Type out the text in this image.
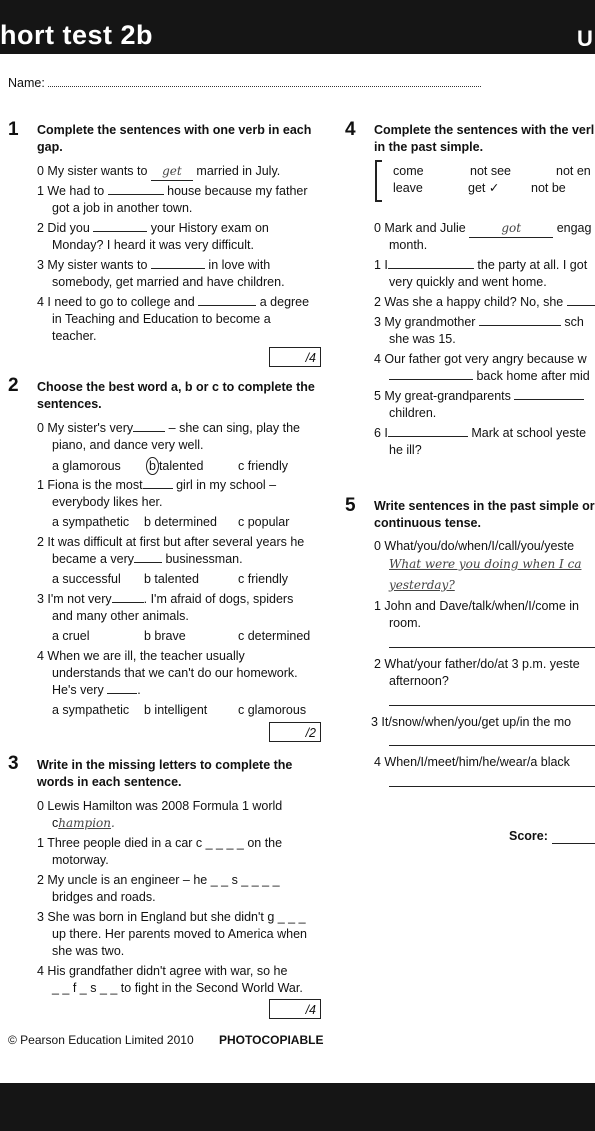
hort test 2b	U
Name:
1 Complete the sentences with one verb in each
gap.
0 My sister wants to get married in July.
1 We had to	house because my father
got a job in another town.
2 Did you	your History exam on
Monday? I heard it was very difficult.
3 My sister wants to	in love with
somebody, get married and have children.
4 I need to go to college and	a degree
in Teaching and Education to become a
teacher.
/4
2 Choose the best word a, b or c to complete the
sentences.
0 My sister's very	– she can sing, play the
piano, and dance very well.
a glamorous b talented	c friendly
1 Fiona is the most	girl in my school –
everybody likes her.
a sympathetic b determined c popular
2 It was difficult at first but after several years he
became a very	businessman.
a successful b talented	c friendly
3 I'm not very	. I'm afraid of dogs, spiders
and many other animals.
a cruel	b brave	c determined
4 When we are ill, the teacher usually
understands that we can't do our homework.
He's very	.
a sympathetic b intelligent c glamorous
/2
3 Write in the missing letters to complete the
words in each sentence.
0 Lewis Hamilton was 2008 Formula 1 world
champion.
1 Three people died in a car c _ _ _ _ on the
motorway.
2 My uncle is an engineer – he _ _ s _ _ _ _
bridges and roads.
3 She was born in England but she didn't g _ _ _
up there. Her parents moved to America when
she was two.
4 His grandfather didn't agree with war, so he
_ _ f _ s _ _ to fight in the Second World War.
/4
© Pearson Education Limited 2010 PHOTOCOPIABLE
4 Complete the sentences with the verl
in the past simple.
come	not see	not en
leave	get ✓	not be
0 Mark and Julie	got	engag
month.
1 I	the party at all. I got
very quickly and went home.
2 Was she a happy child? No, she
3 My grandmother	sch
she was 15.
4 Our father got very angry because w
back home after mid
5 My great-grandparents
children.
6 I	Mark at school yeste
he ill?
5 Write sentences in the past simple or
continuous tense.
0 What/you/do/when/I/call/you/yeste
What were you doing when I ca
yesterday?
1 John and Dave/talk/when/I/come in
room.
2 What/your father/do/at 3 p.m. yeste
afternoon?
3 It/snow/when/you/get up/in the mo
4 When/I/meet/him/he/wear/a black
Score:
